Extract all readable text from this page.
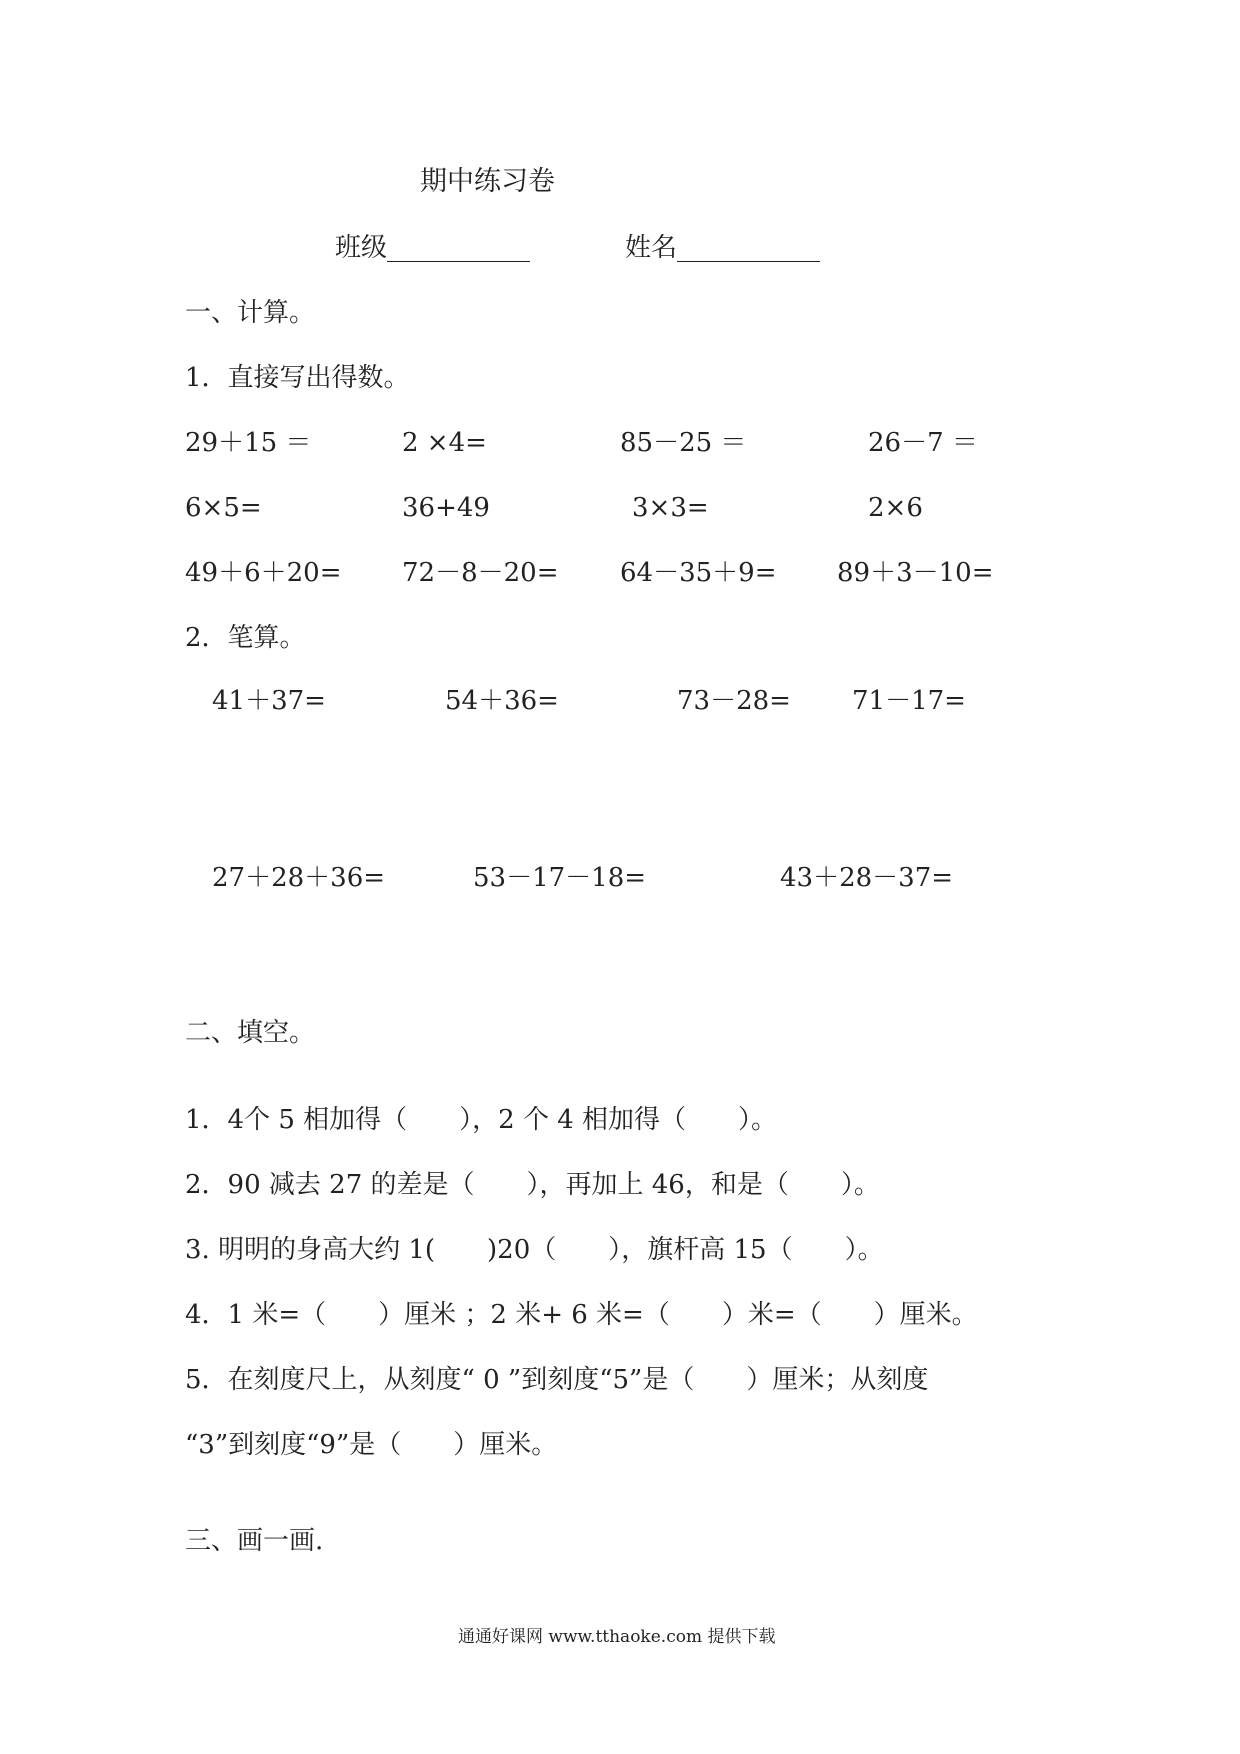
期中练习卷
班级___________	姓名___________
一、计算。
1．直接写出得数。
29＋15 ＝	2 ×4=	85－25 ＝	26－7 ＝
6×5=	36+49	3×3=	2×6
49＋6＋20= 72－8－20= 64－35＋9= 89＋3－10=
2．笔算。
41＋37=	54＋36=	73－28= 71－17=
27＋28＋36=	53－17－18=	43＋28－37=
二、填空。
1．4个 5 相加得（　　），2 个 4 相加得（　　）。
2．90 减去 27 的差是（　　），再加上 46，和是（　　）。
3. 明明的身高大约 1(　　)20（　　），旗杆高 15（　　）。
4．1 米=（　　）厘米 ；2 米+ 6 米=（　　）米=（　　）厘米。
5．在刻度尺上，从刻度“ 0 ”到刻度“5”是（　　）厘米；从刻度
“3”到刻度“9”是（　　）厘米。
三、画一画.
通通好课网 www.tthaoke.com 提供下载
